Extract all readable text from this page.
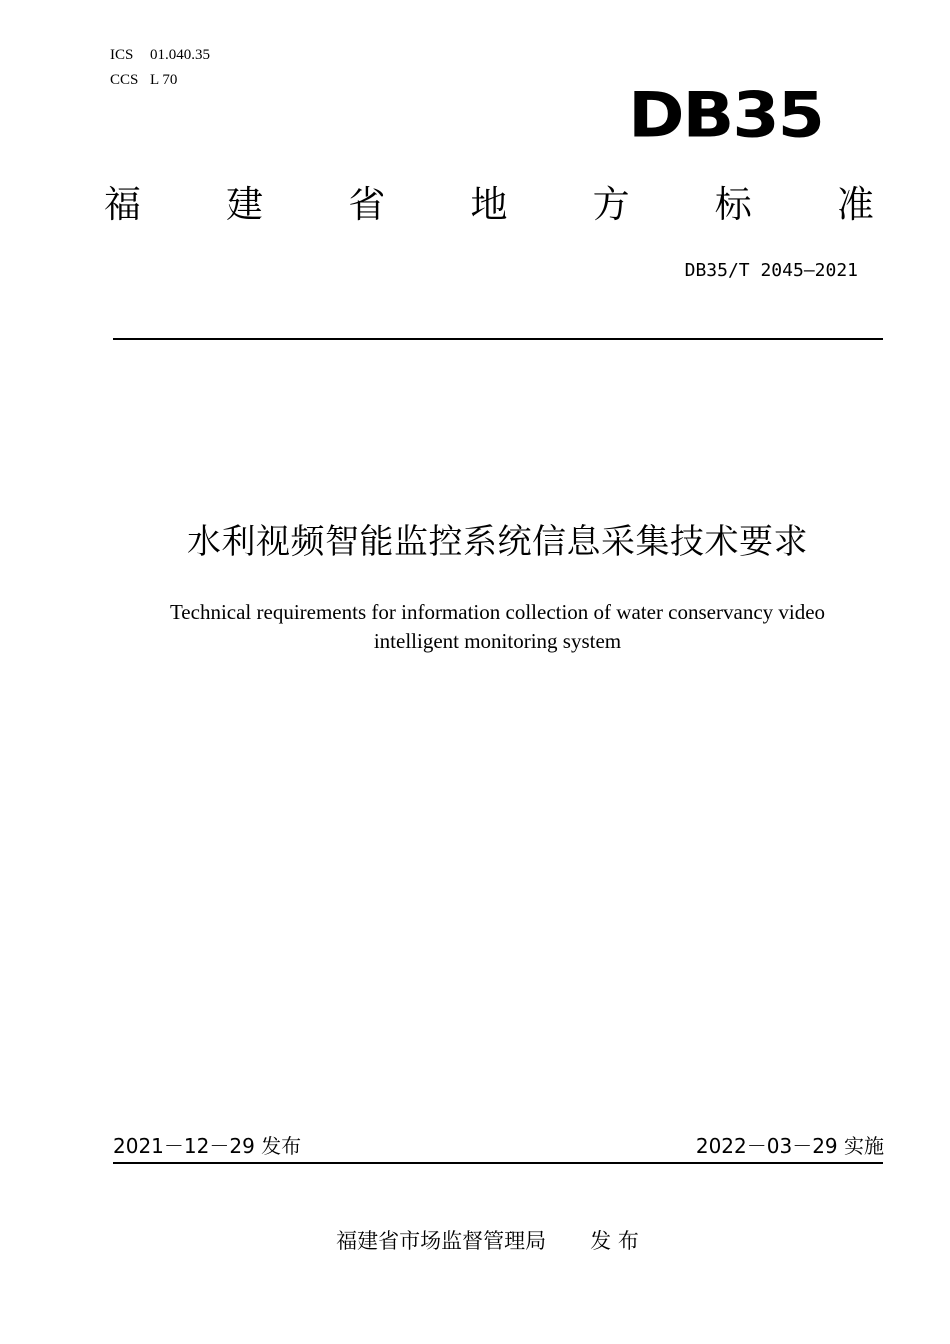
ICS 01.040.35
CCS L 70	DB35
福 建 省 地 方 标 准
DB35/T 2045—2021
水利视频智能监控系统信息采集技术要求
Technical requirements for information collection of water conservancy video
intelligent monitoring system
2021－12－29 发布	2022－03－29 实施
福建省市场监督管理局 发 布
